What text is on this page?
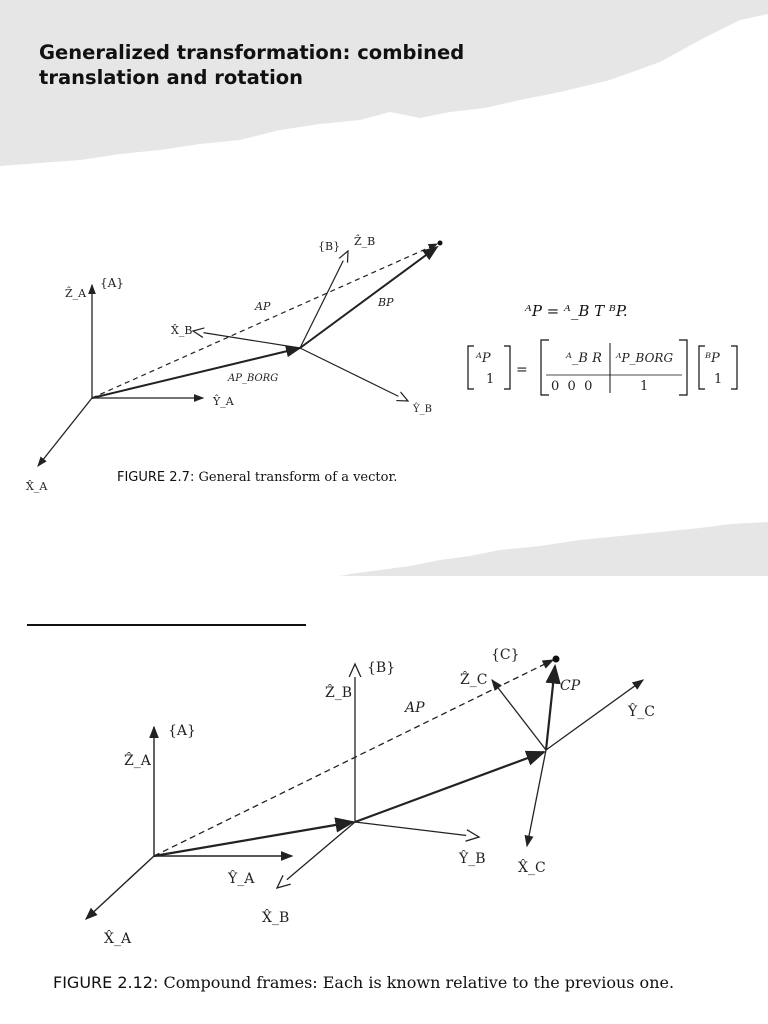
Generalized transformation: combined
translation and rotation
{A}
Ẑ_A
X̂_A
Ŷ_A
{B} Ẑ_B
X̂_B
Ŷ_B
AP	BP
AP_BORG
FIGURE 2.7: General transform of a vector.
ᴬP = ᴬ_B T ᴮP.
ᴬP
1
=
ᴬ_B R ᴬP_BORG
0  0  0	1
ᴮP
1
{A}
Ẑ_A
X̂_A
Ŷ_A
{B}
Ẑ_B
X̂_B
Ŷ_B
{C}
Ẑ_C
X̂_C
Ŷ_C
AP
CP
FIGURE 2.12: Compound frames: Each is known relative to the previous one.
